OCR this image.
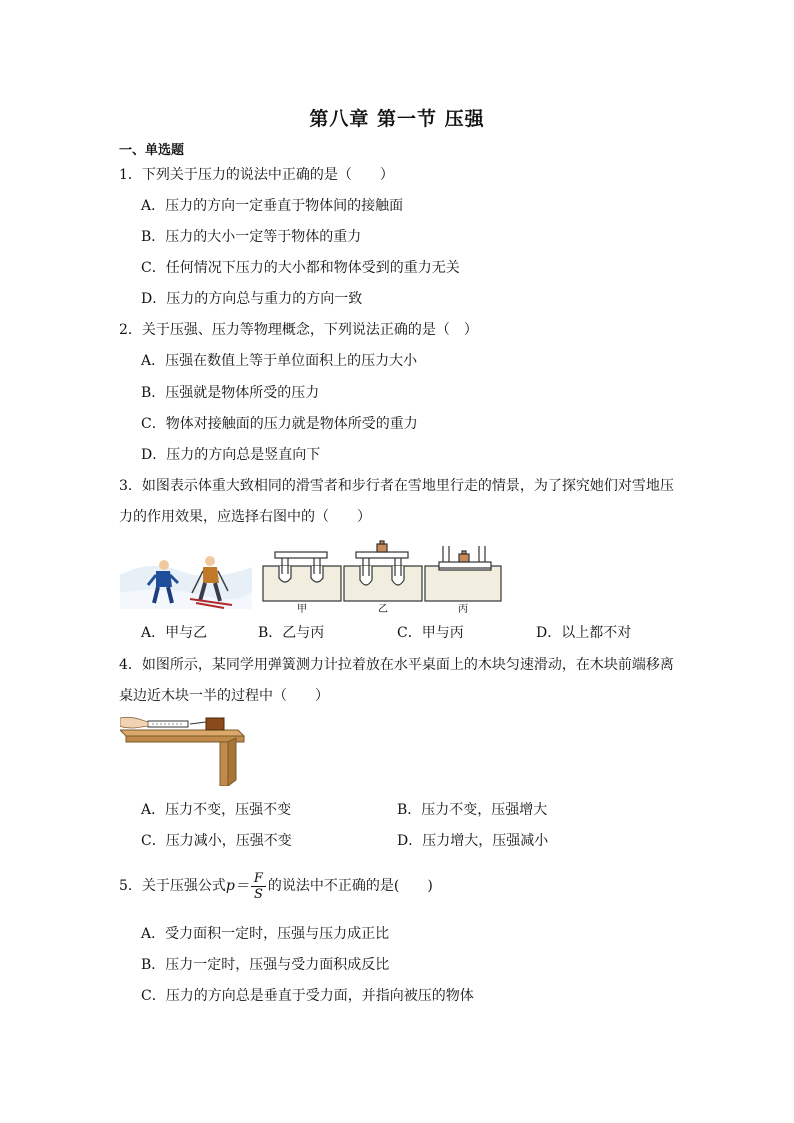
第八章 第一节 压强
一、单选题
1．下列关于压力的说法中正确的是（　　）
A．压力的方向一定垂直于物体间的接触面
B．压力的大小一定等于物体的重力
C．任何情况下压力的大小都和物体受到的重力无关
D．压力的方向总与重力的方向一致
2．关于压强、压力等物理概念，下列说法正确的是（　）
A．压强在数值上等于单位面积上的压力大小
B．压强就是物体所受的压力
C．物体对接触面的压力就是物体所受的重力
D．压力的方向总是竖直向下
3．如图表示体重大致相同的滑雪者和步行者在雪地里行走的情景，为了探究她们对雪地压
力的作用效果，应选择右图中的（　　）
甲	乙	丙
A．甲与乙	B．乙与丙	C．甲与丙	D．以上都不对
4．如图所示，某同学用弹簧测力计拉着放在水平桌面上的木块匀速滑动，在木块前端移离
桌边近木块一半的过程中（　　）
A．压力不变，压强不变	B．压力不变，压强增大
C．压力减小，压强不变	D．压力增大，压强减小
5．关于压强公式$p= \frac{F}{S}$ 的说法中不正确的是(　　)
A．受力面积一定时，压强与压力成正比
B．压力一定时，压强与受力面积成反比
C．压力的方向总是垂直于受力面，并指向被压的物体
